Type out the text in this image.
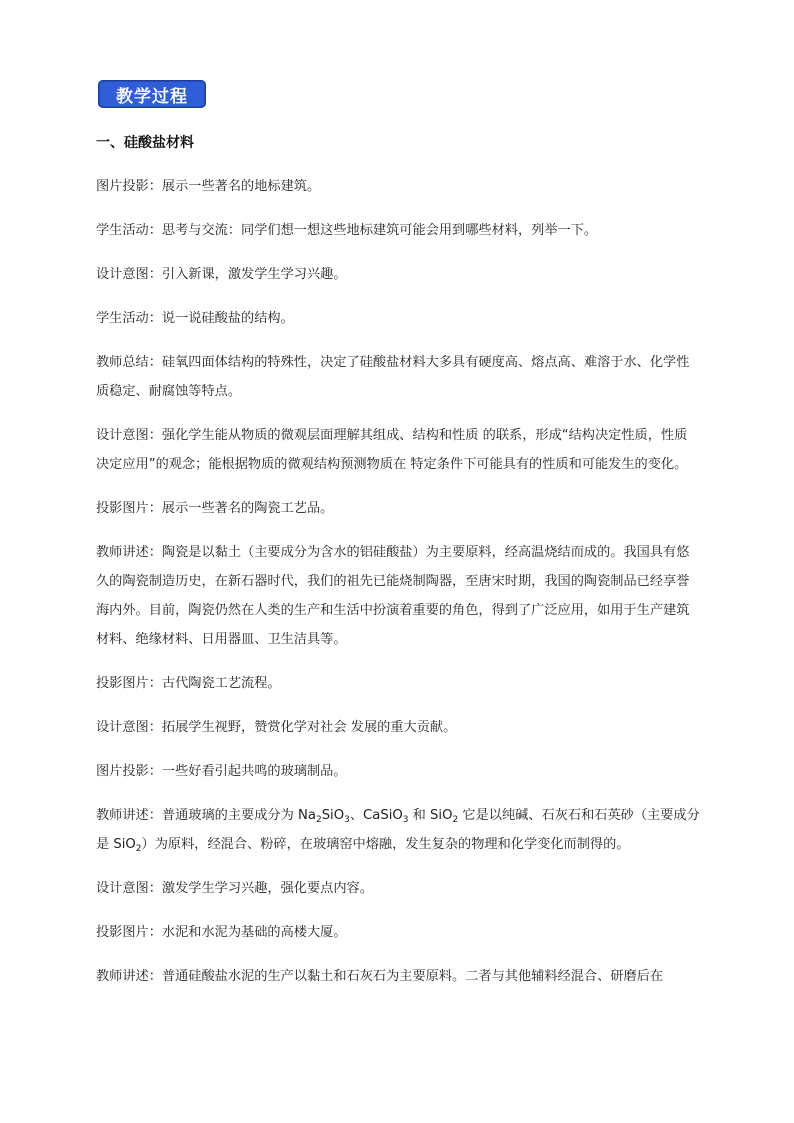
教学过程
一、硅酸盐材料

图片投影：展示一些著名的地标建筑。

学生活动：思考与交流：同学们想一想这些地标建筑可能会用到哪些材料，列举一下。

设计意图：引入新课，激发学生学习兴趣。

学生活动：说一说硅酸盐的结构。

教师总结：硅氧四面体结构的特殊性，决定了硅酸盐材料大多具有硬度高、熔点高、难溶于水、化学性质稳定、耐腐蚀等特点。

设计意图：强化学生能从物质的微观层面理解其组成、结构和性质 的联系，形成“结构决定性质，性质决定应用”的观念；能根据物质的微观结构预测物质在 特定条件下可能具有的性质和可能发生的变化。

投影图片：展示一些著名的陶瓷工艺品。

教师讲述：陶瓷是以黏土（主要成分为含水的铝硅酸盐）为主要原料，经高温烧结而成的。我国具有悠久的陶瓷制造历史，在新石器时代，我们的祖先已能烧制陶器，至唐宋时期，我国的陶瓷制品已经享誉海内外。目前，陶瓷仍然在人类的生产和生活中扮演着重要的角色，得到了广泛应用，如用于生产建筑材料、绝缘材料、日用器皿、卫生洁具等。

投影图片：古代陶瓷工艺流程。

设计意图：拓展学生视野，赞赏化学对社会 发展的重大贡献。

图片投影：一些好看引起共鸣的玻璃制品。

教师讲述：普通玻璃的主要成分为 $Na_2SiO_3$、CaSiO$_3$ 和 SiO$_2$ 它是以纯碱、石灰石和石英砂（主要成分是 SiO$_2$）为原料，经混合、粉碎，在玻璃窑中熔融，发生复杂的物理和化学变化而制得的。

设计意图：激发学生学习兴趣，强化要点内容。

投影图片：水泥和水泥为基础的高楼大厦。

教师讲述：普通硅酸盐水泥的生产以黏土和石灰石为主要原料。二者与其他辅料经混合、研磨后在
